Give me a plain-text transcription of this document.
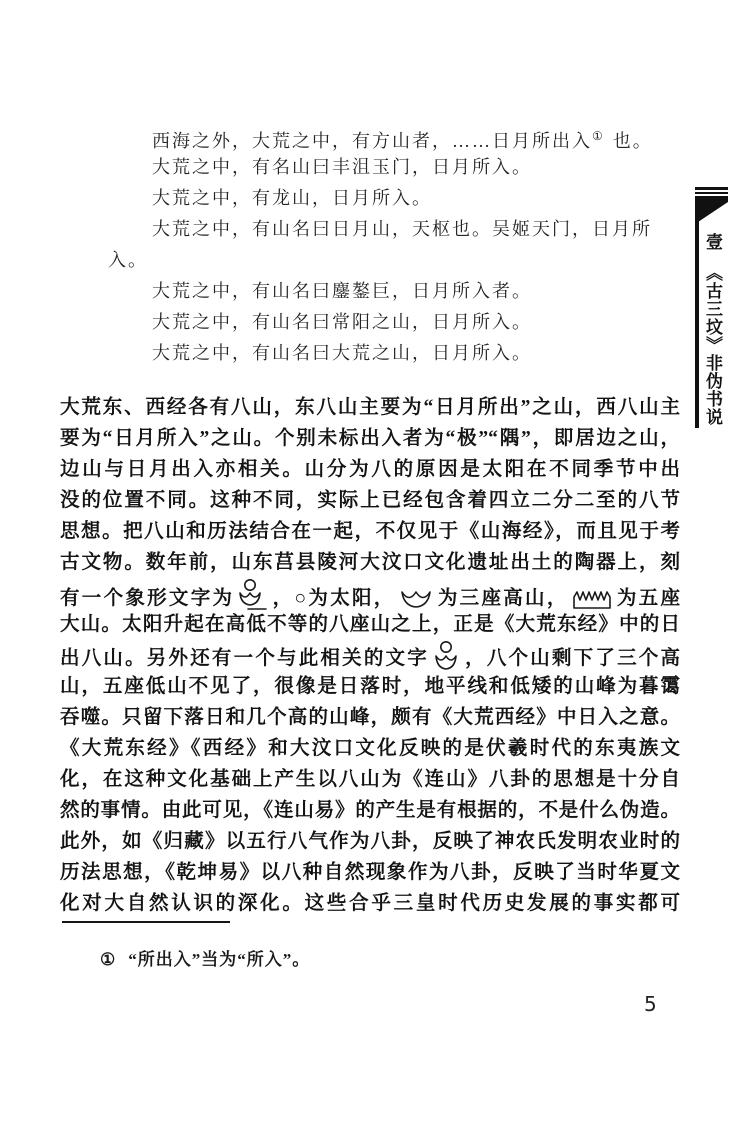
西海之外，大荒之中，有方山者，……日月所出入① 也。
大荒之中，有名山曰丰沮玉门，日月所入。
大荒之中，有龙山，日月所入。
大荒之中，有山名曰日月山，天枢也。吴姬天门，日月所
入。
大荒之中，有山名曰鏖鏊巨，日月所入者。
大荒之中，有山名曰常阳之山，日月所入。
大荒之中，有山名曰大荒之山，日月所入。
大荒东、西经各有八山，东八山主要为“日月所出”之山，西八山主
要为“日月所入”之山。个别未标出入者为“极”“隅”，即居边之山，
边山与日月出入亦相关。山分为八的原因是太阳在不同季节中出
没的位置不同。这种不同，实际上已经包含着四立二分二至的八节
思想。把八山和历法结合在一起，不仅见于《山海经》，而且见于考
古文物。数年前，山东莒县陵河大汶口文化遗址出土的陶器上，刻
有一个象形文字为 ，○为太阳， 为三座高山， 为五座
大山。太阳升起在高低不等的八座山之上，正是《大荒东经》中的日
出八山。另外还有一个与此相关的文字 ，八个山剩下了三个高
山，五座低山不见了，很像是日落时，地平线和低矮的山峰为暮霭
吞噬。只留下落日和几个高的山峰，颇有《大荒西经》中日入之意。
《大荒东经》《西经》和大汶口文化反映的是伏羲时代的东夷族文
化，在这种文化基础上产生以八山为《连山》八卦的思想是十分自
然的事情。由此可见，《连山易》的产生是有根据的，不是什么伪造。
此外，如《归藏》以五行八气作为八卦，反映了神农氏发明农业时的
历法思想，《乾坤易》以八种自然现象作为八卦，反映了当时华夏文
化对大自然认识的深化。这些合乎三皇时代历史发展的事实都可
壹《古三坟》非伪书说
① “所出入”当为“所入”。
5
